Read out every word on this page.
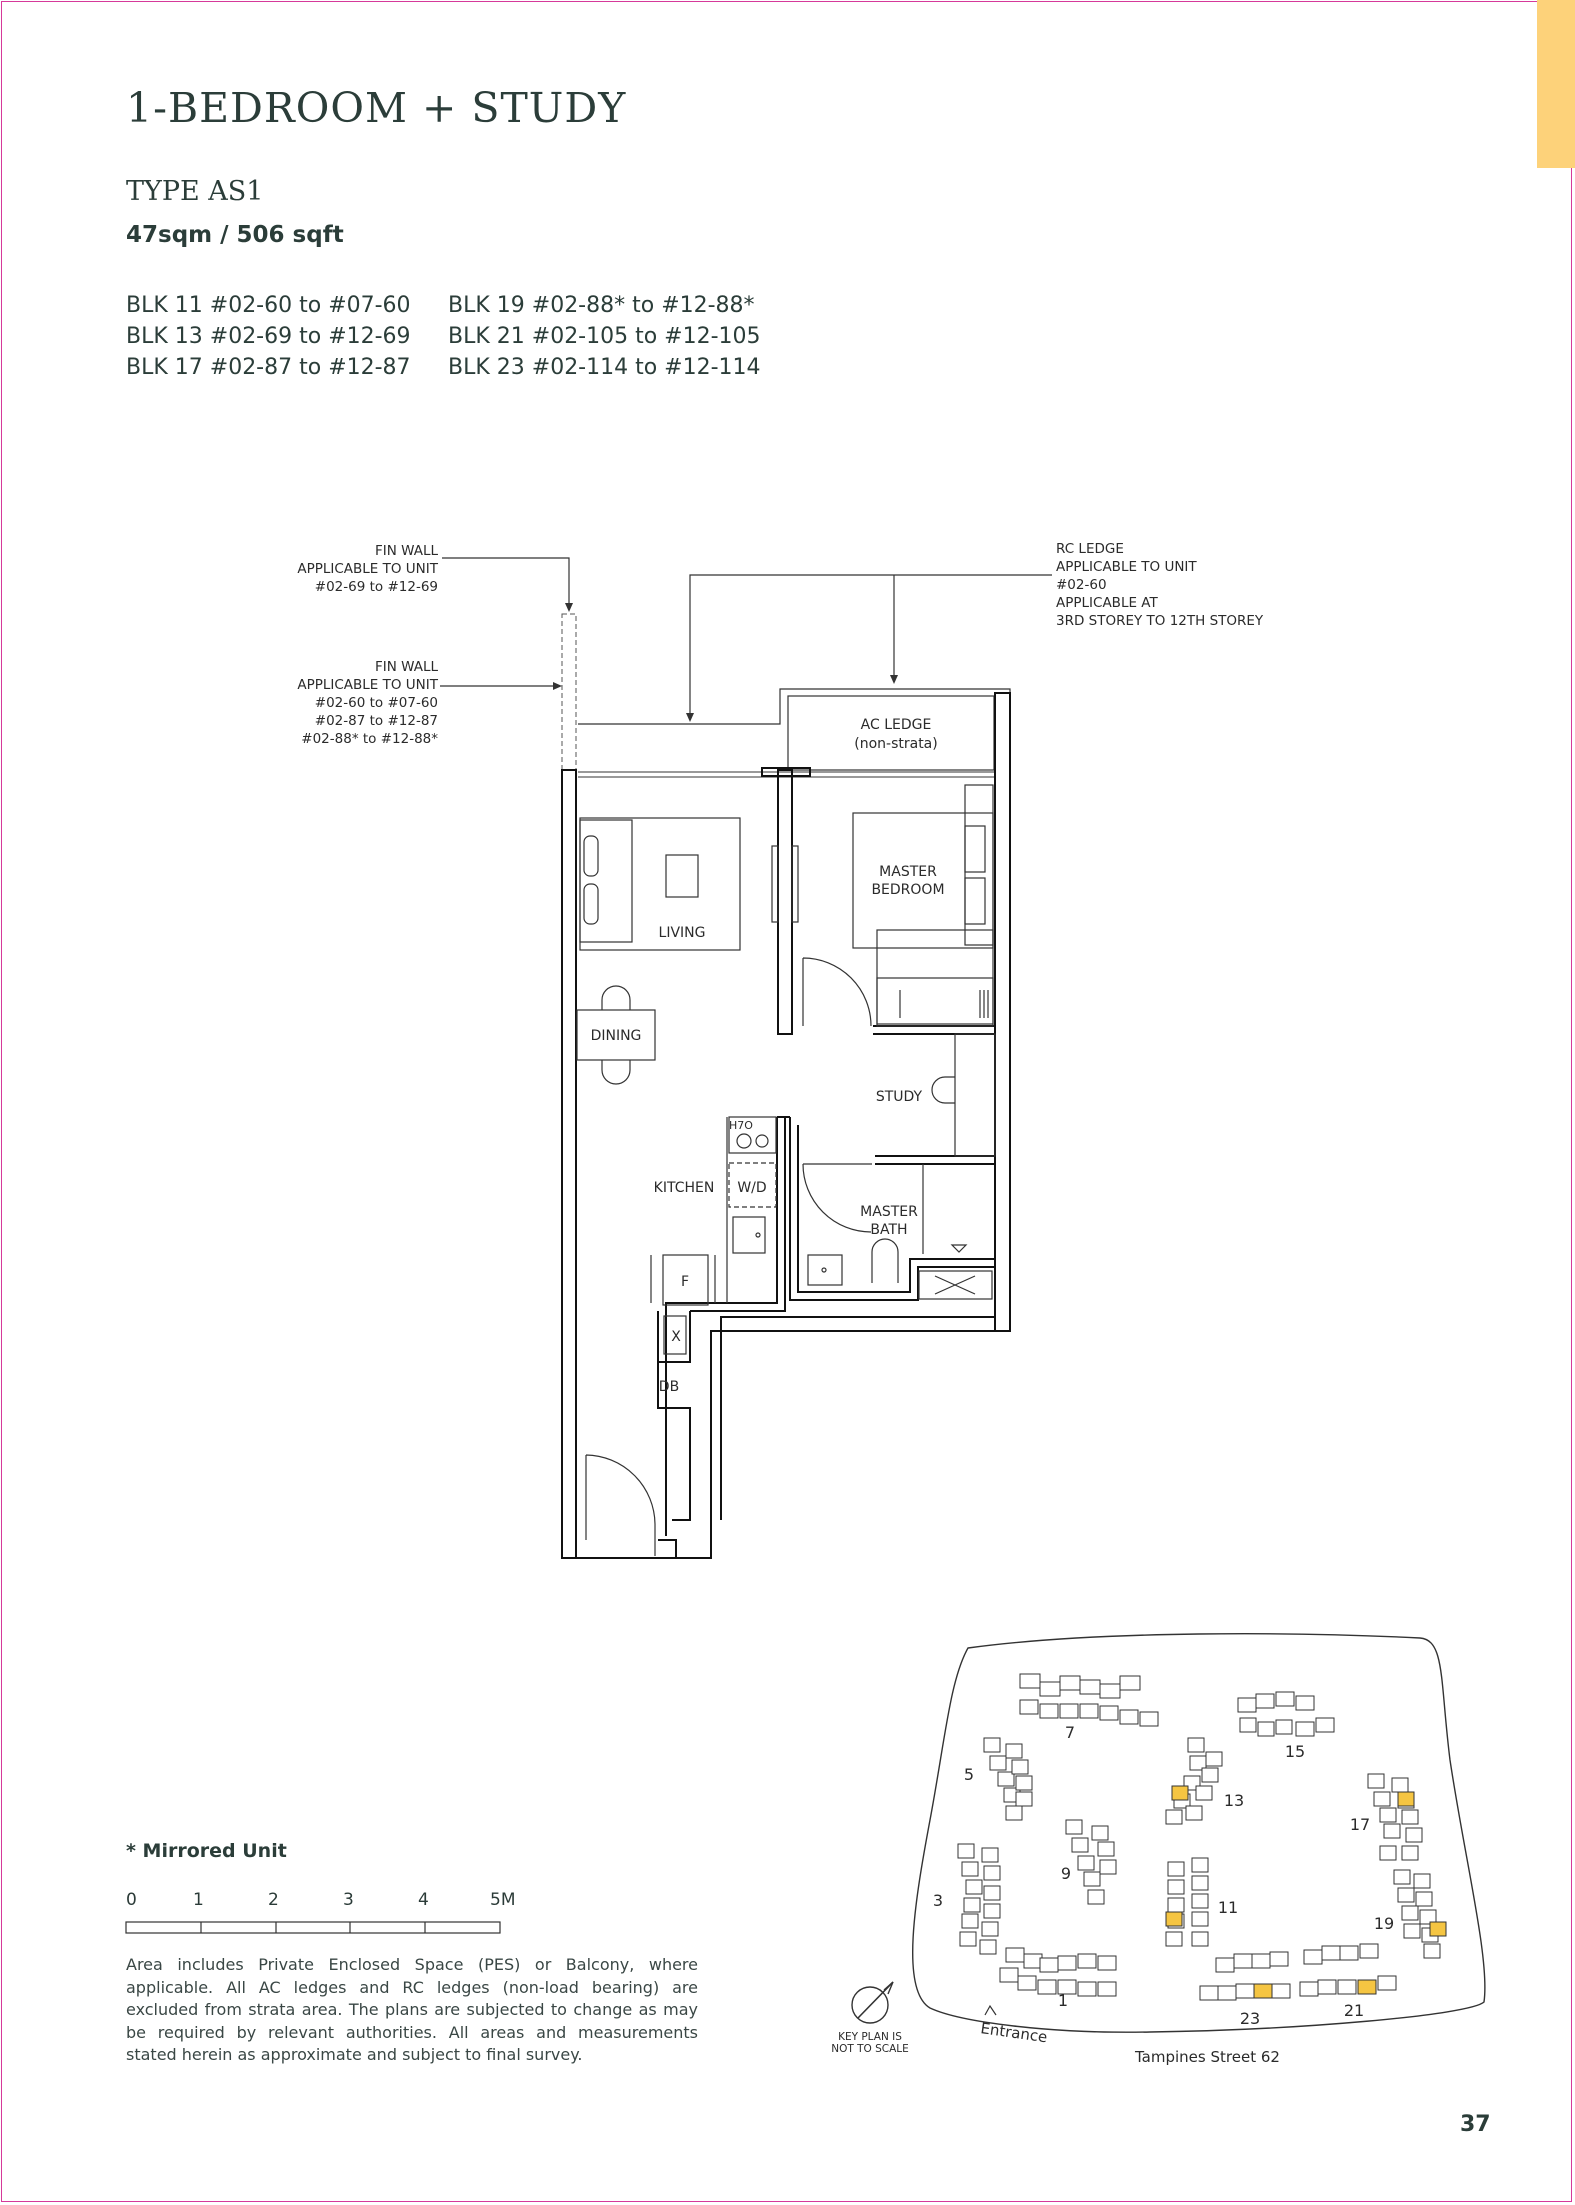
1-BEDROOM + STUDY
TYPE AS1
47sqm / 506 sqft
BLK 11 #02-60 to #07-60	BLK 19 #02-88* to #12-88*
BLK 13 #02-69 to #12-69	BLK 21 #02-105 to #12-105
BLK 17 #02-87 to #12-87	BLK 23 #02-114 to #12-114
FIN WALL
APPLICABLE TO UNIT
#02-69 to #12-69
FIN WALL
APPLICABLE TO UNIT
#02-60 to #07-60
#02-87 to #12-87
#02-88* to #12-88*
RC LEDGE
APPLICABLE TO UNIT
#02-60
APPLICABLE AT
3RD STOREY TO 12TH STOREY
AC LEDGE
(non-strata)
LIVING
MASTER
BEDROOM
DINING
STUDY
H7O
KITCHEN W/D
F
MASTER
BATH
X
DB
7
15
5
13
17
9
11
3
19
1
23	21
KEY PLAN IS
NOT TO SCALE
Entrance
Tampines Street 62
0	1	2	3	4	5M
* Mirrored Unit
Area includes Private Enclosed Space (PES) or Balcony, where applicable. All AC ledges and RC ledges (non-load bearing) are excluded from strata area. The plans are subjected to change as may be required by relevant authorities. All areas and measurements stated herein as approximate and subject to final survey.
37
